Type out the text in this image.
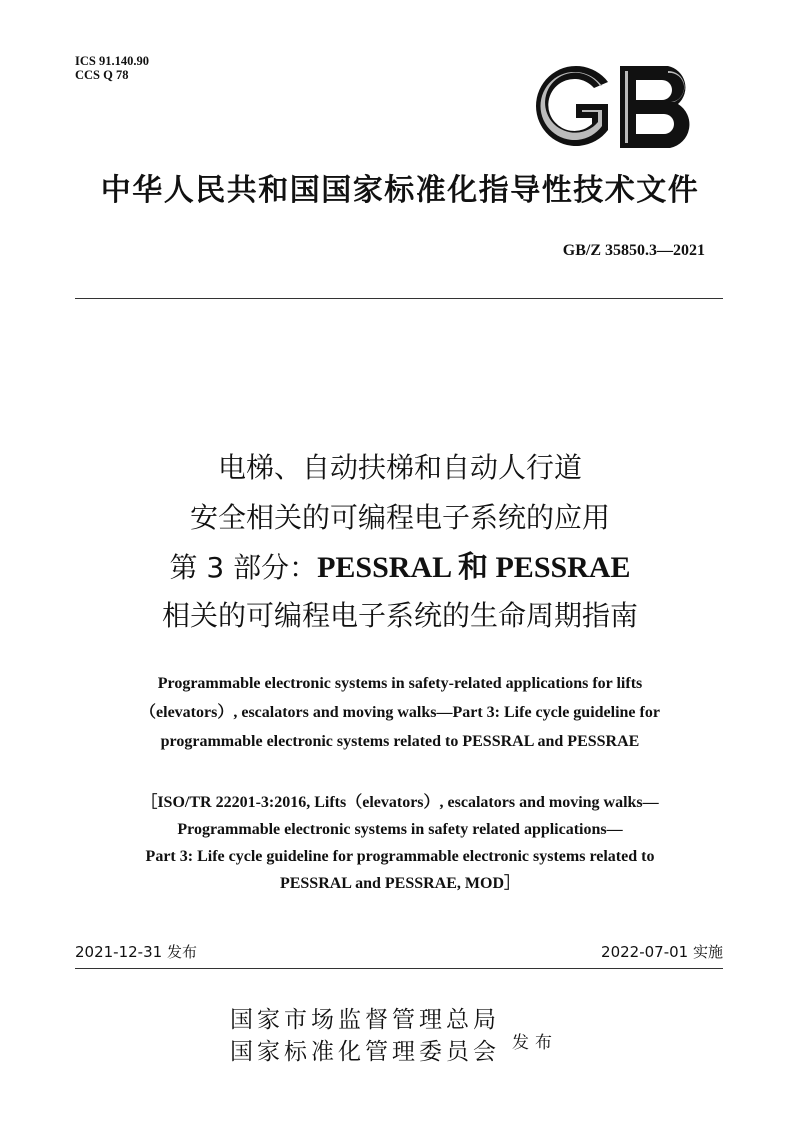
ICS 91.140.90
CCS Q 78
中华人民共和国国家标准化指导性技术文件
GB/Z 35850.3—2021
电梯、自动扶梯和自动人行道
安全相关的可编程电子系统的应用
第 3 部分：PESSRAL 和 PESSRAE
相关的可编程电子系统的生命周期指南
Programmable electronic systems in safety-related applications for lifts
（elevators）, escalators and moving walks—Part 3: Life cycle guideline for
programmable electronic systems related to PESSRAL and PESSRAE
［ISO/TR 22201-3:2016, Lifts（elevators）, escalators and moving walks—
Programmable electronic systems in safety related applications—
Part 3: Life cycle guideline for programmable electronic systems related to
PESSRAL and PESSRAE, MOD］
2021-12-31 发布	2022-07-01 实施
国家市场监督管理总局
国家标准化管理委员会 发布
